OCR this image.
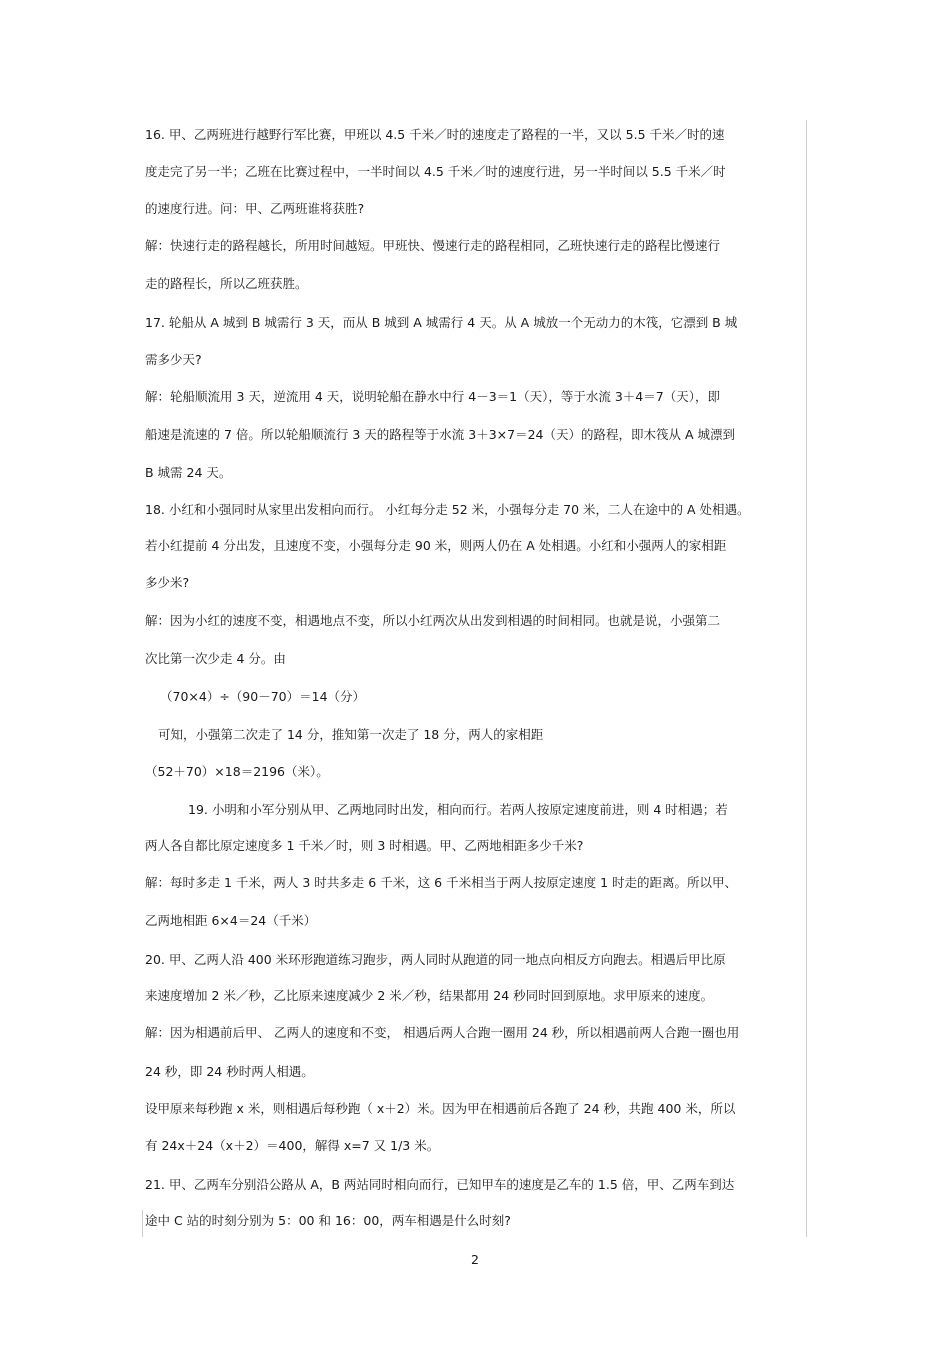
16. 甲、乙两班进行越野行军比赛，甲班以 4.5 千米／时的速度走了路程的一半，又以 5.5 千米／时的速
度走完了另一半；乙班在比赛过程中，一半时间以 4.5 千米／时的速度行进，另一半时间以 5.5 千米／时
的速度行进。问：甲、乙两班谁将获胜?
解：快速行走的路程越长，所用时间越短。甲班快、慢速行走的路程相同，乙班快速行走的路程比慢速行
走的路程长，所以乙班获胜。
17. 轮船从 A 城到 B 城需行 3 天，而从 B 城到 A 城需行 4 天。从 A 城放一个无动力的木筏，它漂到 B 城
需多少天?
解：轮船顺流用 3 天，逆流用 4 天，说明轮船在静水中行 4－3＝1（天），等于水流 3＋4＝7（天），即
船速是流速的 7 倍。所以轮船顺流行 3 天的路程等于水流 3＋3×7＝24（天）的路程，即木筏从 A 城漂到
B 城需 24 天。
18. 小红和小强同时从家里出发相向而行。 小红每分走 52 米，小强每分走 70 米，二人在途中的 A 处相遇。
若小红提前 4 分出发，且速度不变，小强每分走 90 米，则两人仍在 A 处相遇。小红和小强两人的家相距
多少米?
解：因为小红的速度不变，相遇地点不变，所以小红两次从出发到相遇的时间相同。也就是说，小强第二
次比第一次少走 4 分。由
（70×4）÷（90－70）＝14（分）
可知，小强第二次走了 14 分，推知第一次走了 18 分，两人的家相距
（52＋70）×18＝2196（米）。
19. 小明和小军分别从甲、乙两地同时出发，相向而行。若两人按原定速度前进，则 4 时相遇；若
两人各自都比原定速度多 1 千米／时，则 3 时相遇。甲、乙两地相距多少千米?
解：每时多走 1 千米，两人 3 时共多走 6 千米，这 6 千米相当于两人按原定速度 1 时走的距离。所以甲、
乙两地相距 6×4＝24（千米）
20. 甲、乙两人沿 400 米环形跑道练习跑步，两人同时从跑道的同一地点向相反方向跑去。相遇后甲比原
来速度增加 2 米／秒，乙比原来速度减少 2 米／秒，结果都用 24 秒同时回到原地。求甲原来的速度。
解：因为相遇前后甲、 乙两人的速度和不变， 相遇后两人合跑一圈用 24 秒，所以相遇前两人合跑一圈也用
24 秒，即 24 秒时两人相遇。
设甲原来每秒跑 x 米，则相遇后每秒跑（ x＋2）米。因为甲在相遇前后各跑了 24 秒，共跑 400 米，所以
有 24x＋24（x＋2）＝400，解得 x=7 又 1/3 米。
21. 甲、乙两车分别沿公路从 A，B 两站同时相向而行，已知甲车的速度是乙车的 1.5 倍，甲、乙两车到达
途中 C 站的时刻分别为 5：00 和 16：00，两车相遇是什么时刻?
2
